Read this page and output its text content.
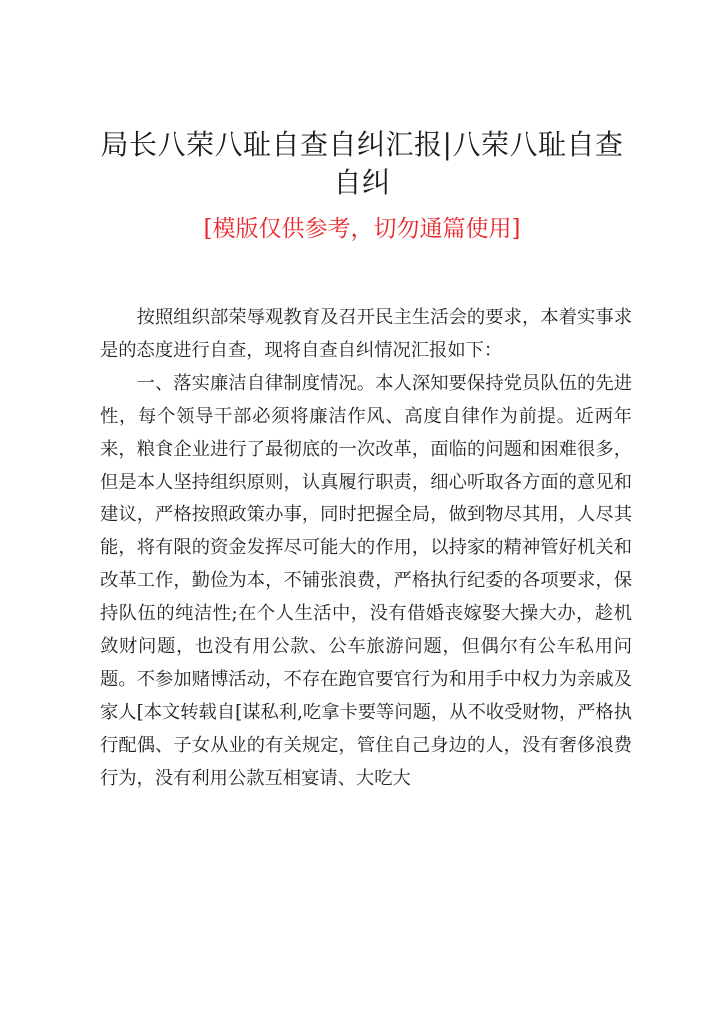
局长八荣八耻自查自纠汇报|八荣八耻自查自纠
[模版仅供参考，切勿通篇使用]

按照组织部荣辱观教育及召开民主生活会的要求，本着实事求是的态度进行自查，现将自查自纠情况汇报如下：

一、落实廉洁自律制度情况。本人深知要保持党员队伍的先进性，每个领导干部必须将廉洁作风、高度自律作为前提。近两年来，粮食企业进行了最彻底的一次改革，面临的问题和困难很多，但是本人坚持组织原则，认真履行职责，细心听取各方面的意见和建议，严格按照政策办事，同时把握全局，做到物尽其用，人尽其能，将有限的资金发挥尽可能大的作用，以持家的精神管好机关和改革工作，勤俭为本，不铺张浪费，严格执行纪委的各项要求，保持队伍的纯洁性;在个人生活中，没有借婚丧嫁娶大操大办，趁机敛财问题，也没有用公款、公车旅游问题，但偶尔有公车私用问题。不参加赌博活动，不存在跑官要官行为和用手中权力为亲戚及家人[本文转载自[谋私利,吃拿卡要等问题，从不收受财物，严格执行配偶、子女从业的有关规定，管住自己身边的人，没有奢侈浪费行为，没有利用公款互相宴请、大吃大
